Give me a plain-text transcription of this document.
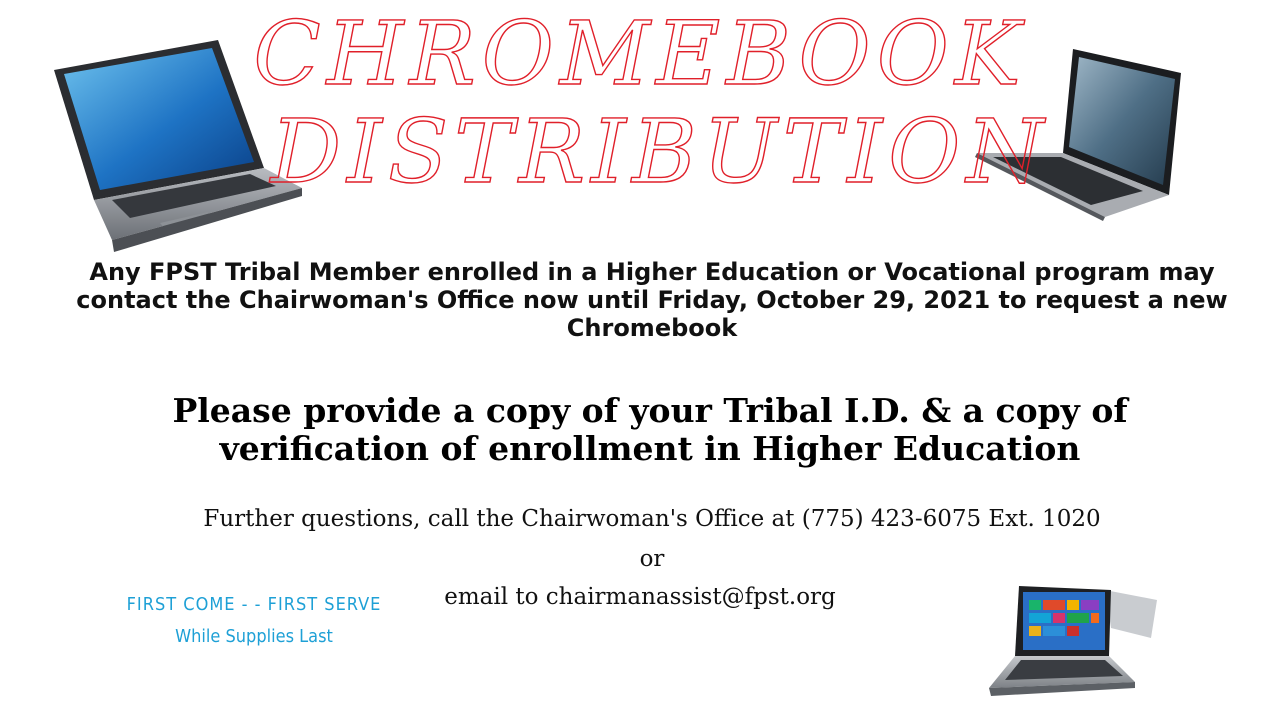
CHROMEBOOK
DISTRIBUTION
Any FPST Tribal Member enrolled in a Higher Education or Vocational program may contact the Chairwoman's Office now until Friday, October 29, 2021 to request a new Chromebook
Please provide a copy of your Tribal I.D. & a copy of verification of enrollment in Higher Education
Further questions, call the Chairwoman's Office at (775) 423-6075 Ext. 1020
or
email to chairmanassist@fpst.org
FIRST COME - - FIRST SERVE
While Supplies Last
